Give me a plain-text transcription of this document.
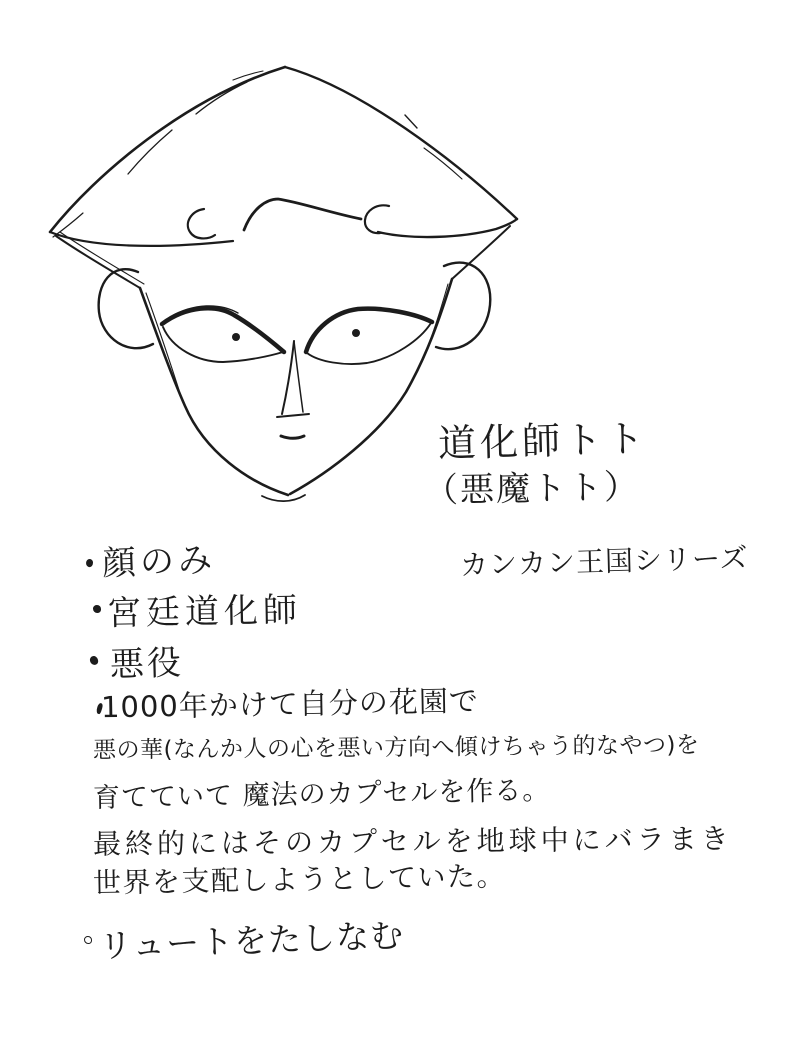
道化師トト
（悪魔トト）
カンカン王国シリーズ
顔のみ
宮廷道化師
悪役
1000年かけて自分の花園で
悪の華(なんか人の心を悪い方向へ傾けちゃう的なやつ)を
育てていて 魔法のカプセルを作る。
最終的にはそのカプセルを地球中にバラまき
世界を支配しようとしていた。
リュートをたしなむ
